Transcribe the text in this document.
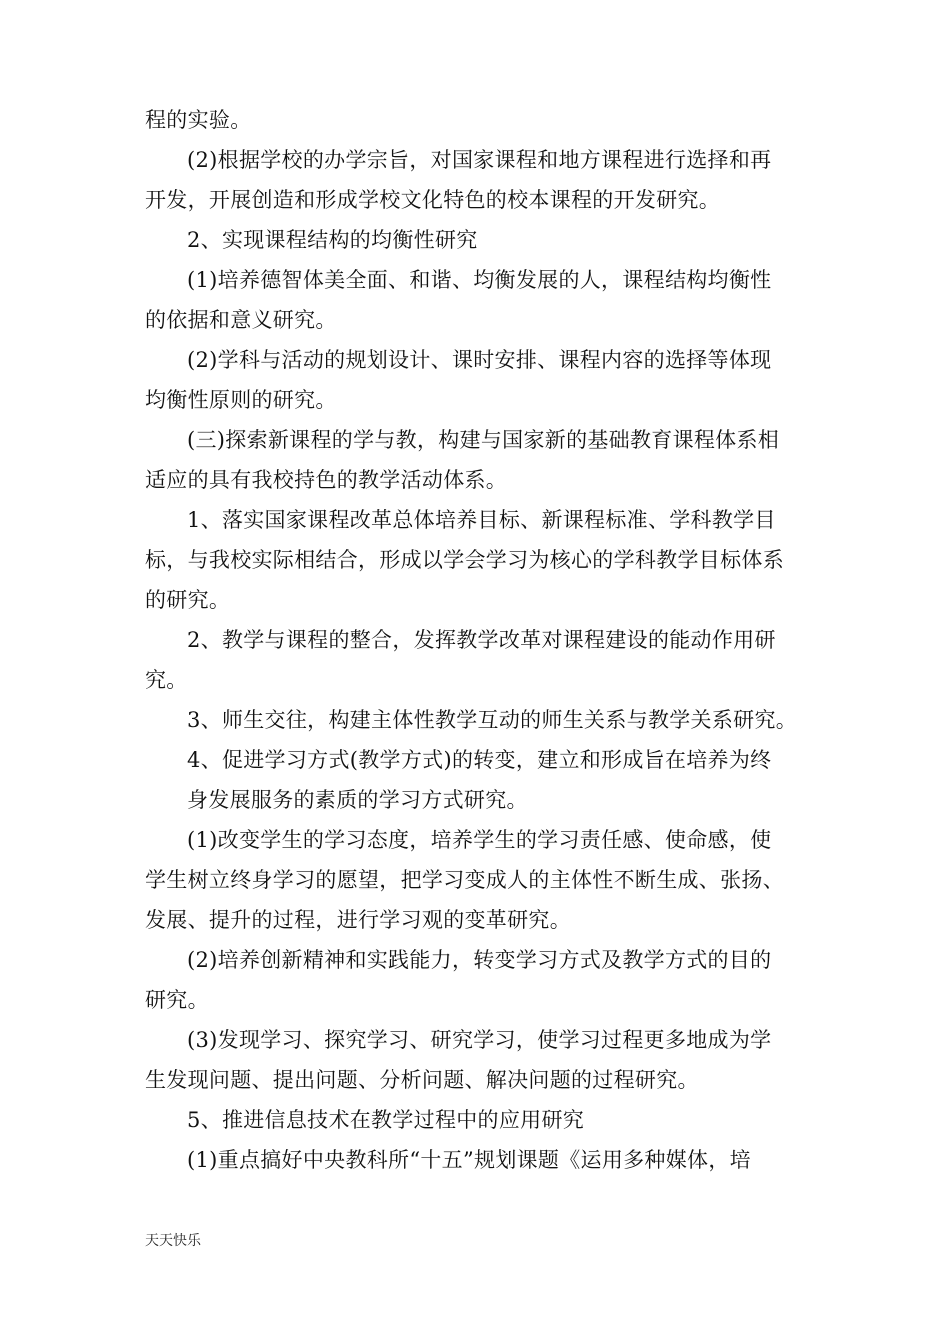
程的实验。
(2)根据学校的办学宗旨，对国家课程和地方课程进行选择和再
开发，开展创造和形成学校文化特色的校本课程的开发研究。
2、实现课程结构的均衡性研究
(1)培养德智体美全面、和谐、均衡发展的人，课程结构均衡性
的依据和意义研究。
(2)学科与活动的规划设计、课时安排、课程内容的选择等体现
均衡性原则的研究。
(三)探索新课程的学与教，构建与国家新的基础教育课程体系相
适应的具有我校持色的教学活动体系。
1、落实国家课程改革总体培养目标、新课程标准、学科教学目
标，与我校实际相结合，形成以学会学习为核心的学科教学目标体系
的研究。
2、教学与课程的整合，发挥教学改革对课程建设的能动作用研
究。
3、师生交往，构建主体性教学互动的师生关系与教学关系研究。
4、促进学习方式(教学方式)的转变，建立和形成旨在培养为终
身发展服务的素质的学习方式研究。
(1)改变学生的学习态度，培养学生的学习责任感、使命感，使
学生树立终身学习的愿望，把学习变成人的主体性不断生成、张扬、
发展、提升的过程，进行学习观的变革研究。
(2)培养创新精神和实践能力，转变学习方式及教学方式的目的
研究。
(3)发现学习、探究学习、研究学习，使学习过程更多地成为学
生发现问题、提出问题、分析问题、解决问题的过程研究。
5、推进信息技术在教学过程中的应用研究
(1)重点搞好中央教科所“十五”规划课题《运用多种媒体，培
天天快乐
